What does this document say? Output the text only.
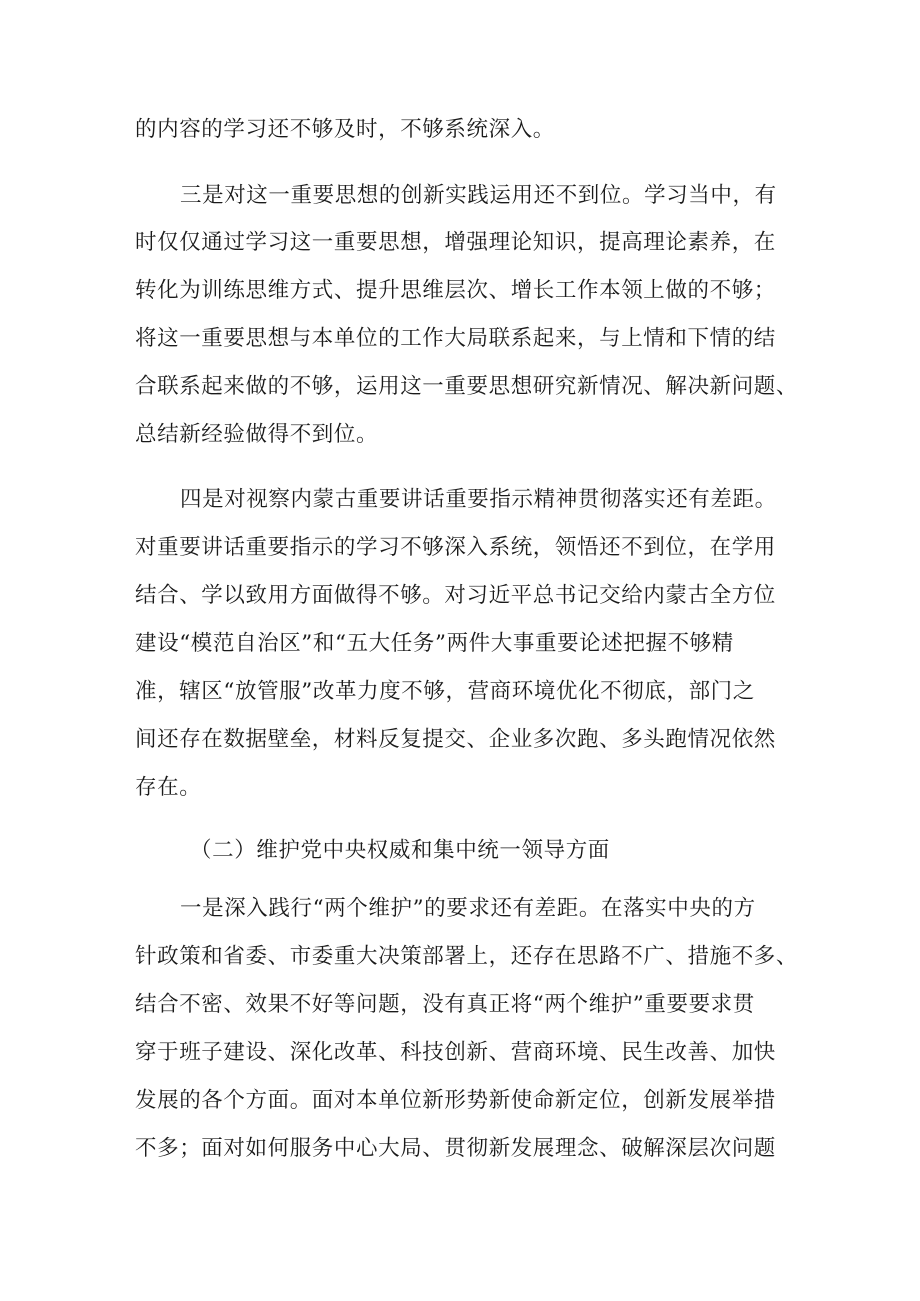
的内容的学习还不够及时，不够系统深入。

三是对这一重要思想的创新实践运用还不到位。学习当中，有

时仅仅通过学习这一重要思想，增强理论知识，提高理论素养，在

转化为训练思维方式、提升思维层次、增长工作本领上做的不够；

将这一重要思想与本单位的工作大局联系起来，与上情和下情的结

合联系起来做的不够，运用这一重要思想研究新情况、解决新问题、

总结新经验做得不到位。

四是对视察内蒙古重要讲话重要指示精神贯彻落实还有差距。

对重要讲话重要指示的学习不够深入系统，领悟还不到位，在学用

结合、学以致用方面做得不够。对习近平总书记交给内蒙古全方位

建设“模范自治区”和“五大任务”两件大事重要论述把握不够精

准，辖区“放管服”改革力度不够，营商环境优化不彻底，部门之

间还存在数据壁垒，材料反复提交、企业多次跑、多头跑情况依然

存在。

（二）维护党中央权威和集中统一领导方面

一是深入践行“两个维护”的要求还有差距。在落实中央的方

针政策和省委、市委重大决策部署上，还存在思路不广、措施不多、

结合不密、效果不好等问题，没有真正将“两个维护”重要要求贯

穿于班子建设、深化改革、科技创新、营商环境、民生改善、加快

发展的各个方面。面对本单位新形势新使命新定位，创新发展举措

不多；面对如何服务中心大局、贯彻新发展理念、破解深层次问题
